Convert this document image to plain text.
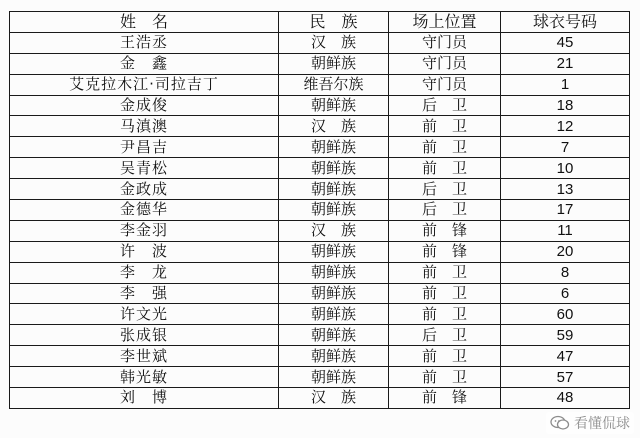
姓　名	民　族	场上位置	球衣号码
王浩丞	汉　族	守门员	45
金　鑫	朝鲜族	守门员	21
艾克拉木江·司拉吉丁	维吾尔族	守门员	1
金成俊	朝鲜族	后　卫	18
马滇澳	汉　族	前　卫	12
尹昌吉	朝鲜族	前　卫	7
吴青松	朝鲜族	前　卫	10
金政成	朝鲜族	后　卫	13
金德华	朝鲜族	后　卫	17
李金羽	汉　族	前　锋	11
许　波	朝鲜族	前　锋	20
李　龙	朝鲜族	前　卫	8
李　强	朝鲜族	前　卫	6
许文光	朝鲜族	前　卫	60
张成银	朝鲜族	后　卫	59
李世斌	朝鲜族	前　卫	47
韩光敏	朝鲜族	前　卫	57
刘　博	汉　族	前　锋	48
看懂侃球
